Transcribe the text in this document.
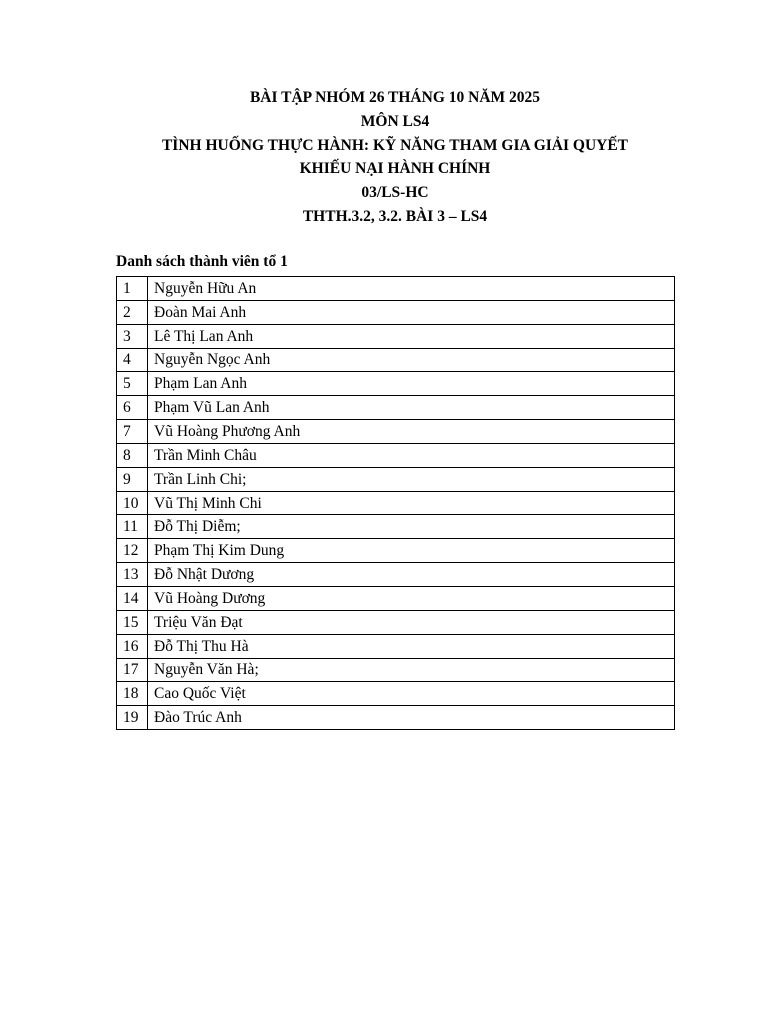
BÀI TẬP NHÓM 26 THÁNG 10 NĂM 2025
MÔN LS4
TÌNH HUỐNG THỰC HÀNH: KỸ NĂNG THAM GIA GIẢI QUYẾT
KHIẾU NẠI HÀNH CHÍNH
03/LS-HC
THTH.3.2, 3.2. BÀI 3 – LS4
Danh sách thành viên tổ 1
1	Nguyễn Hữu An
2	Đoàn Mai Anh
3	Lê Thị Lan Anh
4	Nguyễn Ngọc Anh
5	Phạm Lan Anh
6	Phạm Vũ Lan Anh
7	Vũ Hoàng Phương Anh
8	Trần Minh Châu
9	Trần Linh Chi;
10	Vũ Thị Minh Chi
11	Đỗ Thị Diễm;
12	Phạm Thị Kim Dung
13	Đỗ Nhật Dương
14	Vũ Hoàng Dương
15	Triệu Văn Đạt
16	Đỗ Thị Thu Hà
17	Nguyễn Văn Hà;
18	Cao Quốc Việt
19	Đào Trúc Anh
